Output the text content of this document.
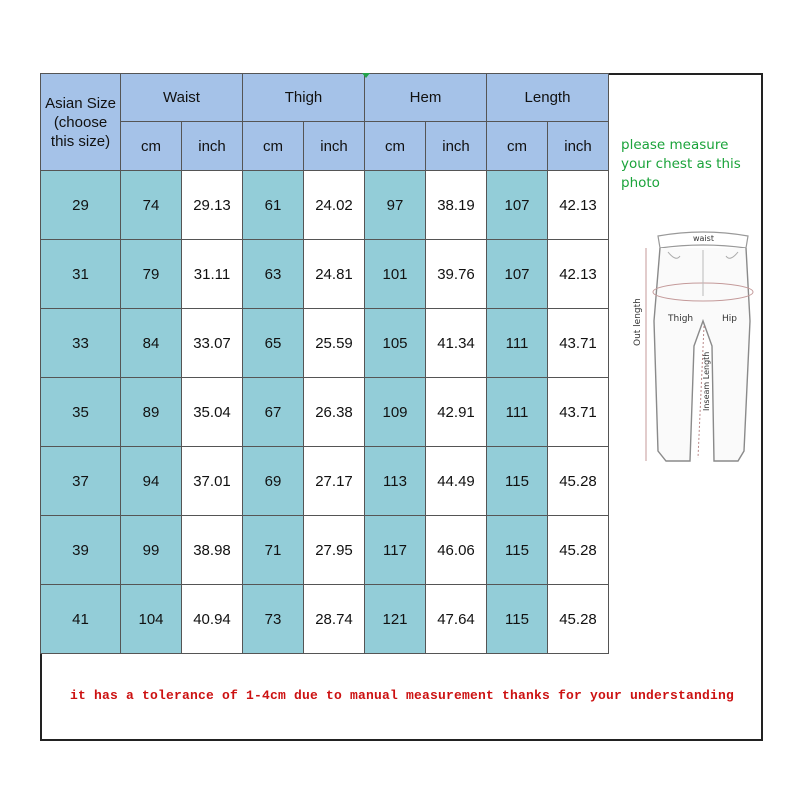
Asian Size (choose this size)	Waist		Thigh		Hem		Length	
	cm	inch	cm	inch	cm	inch	cm	inch
29	74	29.13	61	24.02	97	38.19	107	42.13
31	79	31.11	63	24.81	101	39.76	107	42.13
33	84	33.07	65	25.59	105	41.34	111	43.71
35	89	35.04	67	26.38	109	42.91	111	43.71
37	94	37.01	69	27.17	113	44.49	115	45.28
39	99	38.98	71	27.95	117	46.06	115	45.28
41	104	40.94	73	28.74	121	47.64	115	45.28
please measure your chest as this photo
waist
Out length	Thigh	Hip
Inseam Length
it has a tolerance of 1-4cm due to manual measurement thanks for your understanding
